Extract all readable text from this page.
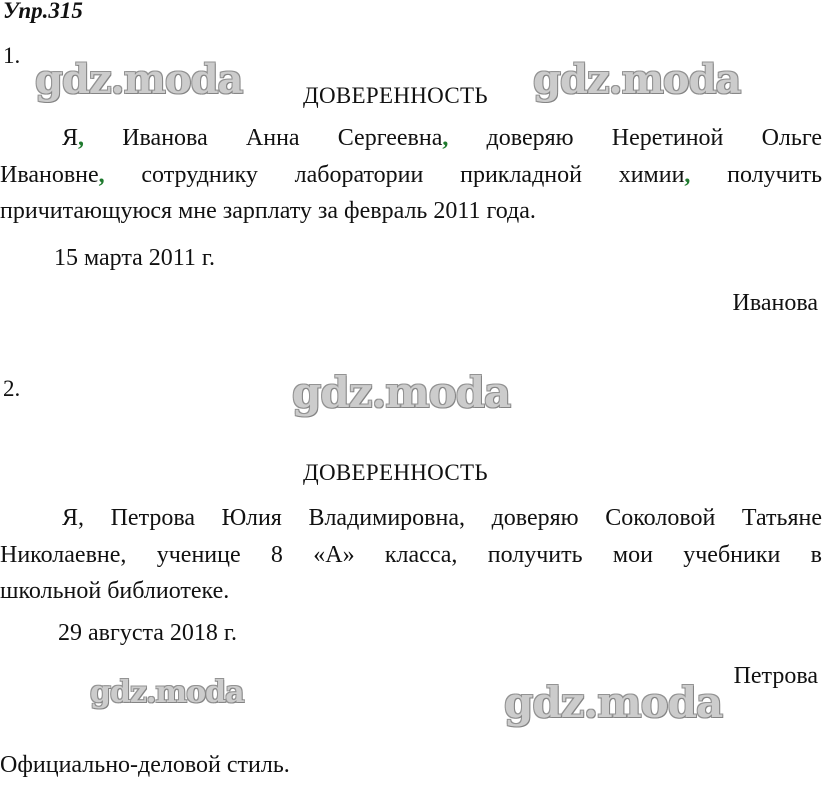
Упр.315
1.
ДОВЕРЕННОСТЬ
Я, Иванова Анна Сергеевна, доверяю Неретиной Ольге
Ивановне, сотруднику лаборатории прикладной химии, получить
причитающуюся мне зарплату за февраль 2011 года.
15 марта 2011 г.
Иванова
2.
ДОВЕРЕННОСТЬ
Я, Петрова Юлия Владимировна, доверяю Соколовой Татьяне
Николаевне, ученице 8 «А» класса, получить мои учебники в
школьной библиотеке.
29 августа 2018 г.
Петрова
Официально-деловой стиль.
gdz.moda	gdz.moda
gdz.moda
gdz.moda	gdz.moda
